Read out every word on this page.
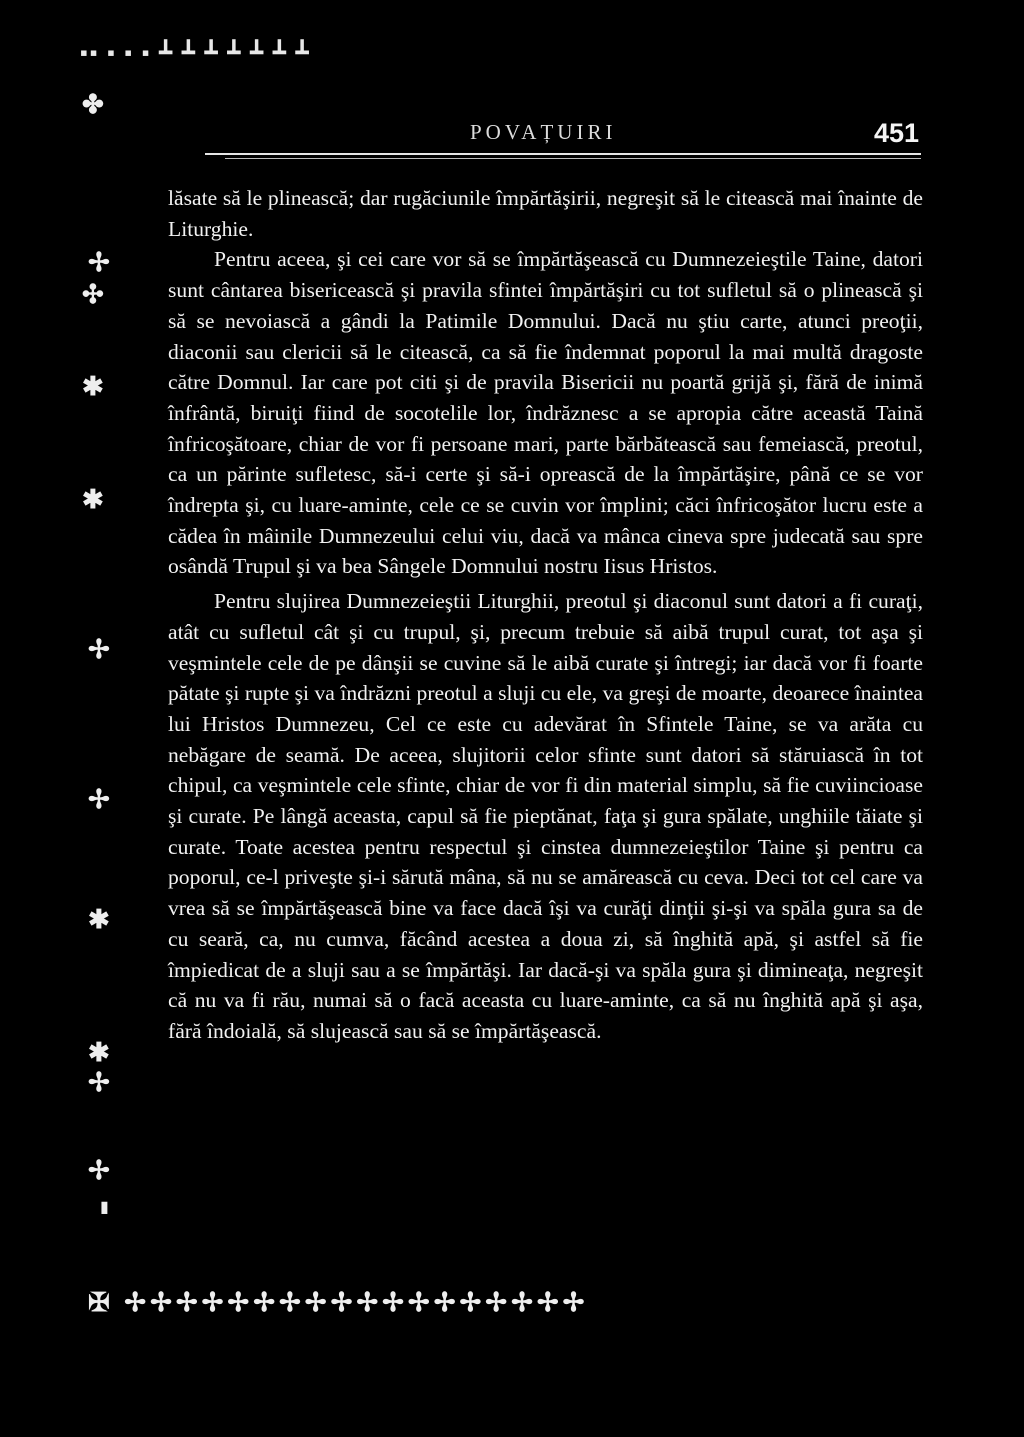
▪▪ ▪ ▪ ▪ ┻ ┻ ┻ ┻ ┻ ┻ ┻
POVAȚUIRI	451
✤
✢
✣
✱
✱
✢
✢
✱
✱
✢
✢
▮

lăsate să le plinească; dar rugăciunile împărtăşirii, negreşit să le citească mai înainte de Liturghie.

Pentru aceea, şi cei care vor să se împărtăşească cu Dumnezeieştile Taine, datori sunt cântarea bisericească şi pravila sfintei împărtăşiri cu tot sufletul să o plinească şi să se nevoiască a gândi la Patimile Domnului. Dacă nu ştiu carte, atunci preoţii, diaconii sau clericii să le citească, ca să fie îndemnat poporul la mai multă dragoste către Domnul. Iar care pot citi şi de pravila Bisericii nu poartă grijă şi, fără de inimă înfrântă, biruiţi fiind de socotelile lor, îndrăznesc a se apropia către această Taină înfricoşătoare, chiar de vor fi persoane mari, parte bărbătească sau femeiască, preotul, ca un părinte sufletesc, să-i certe şi să-i oprească de la împărtăşire, până ce se vor îndrepta şi, cu luare-aminte, cele ce se cuvin vor împlini; căci înfricoşător lucru este a cădea în mâinile Dumnezeului celui viu, dacă va mânca cineva spre judecată sau spre osândă Trupul şi va bea Sângele Domnului nostru Iisus Hristos.

Pentru slujirea Dumnezeieştii Liturghii, preotul şi diaconul sunt datori a fi curaţi, atât cu sufletul cât şi cu trupul, şi, precum trebuie să aibă trupul curat, tot aşa şi veşmintele cele de pe dânşii se cuvine să le aibă curate şi întregi; iar dacă vor fi foarte pătate şi rupte şi va îndrăzni preotul a sluji cu ele, va greşi de moarte, deoarece înaintea lui Hristos Dumnezeu, Cel ce este cu adevărat în Sfintele Taine, se va arăta cu nebăgare de seamă. De aceea, slujitorii celor sfinte sunt datori să stăruiască în tot chipul, ca veşmintele cele sfinte, chiar de vor fi din material simplu, să fie cuviincioase şi curate. Pe lângă aceasta, capul să fie pieptănat, faţa şi gura spălate, unghiile tăiate şi curate. Toate acestea pentru respectul şi cinstea dumnezeieştilor Taine şi pentru ca poporul, ce-l priveşte şi-i sărută mâna, să nu se amărească cu ceva. Deci tot cel care va vrea să se împărtăşească bine va face dacă îşi va curăţi dinţii şi-şi va spăla gura sa de cu seară, ca, nu cumva, făcând acestea a doua zi, să înghită apă, şi astfel să fie împiedicat de a sluji sau a se împărtăşi. Iar dacă-şi va spăla gura şi dimineaţa, negreşit că nu va fi rău, numai să o facă aceasta cu luare-aminte, ca să nu înghită apă şi aşa, fără îndoială, să slujească sau să se împărtăşească.

✠ ✢✢✢✢✢✢✢✢✢✢✢✢✢✢✢✢✢✢
